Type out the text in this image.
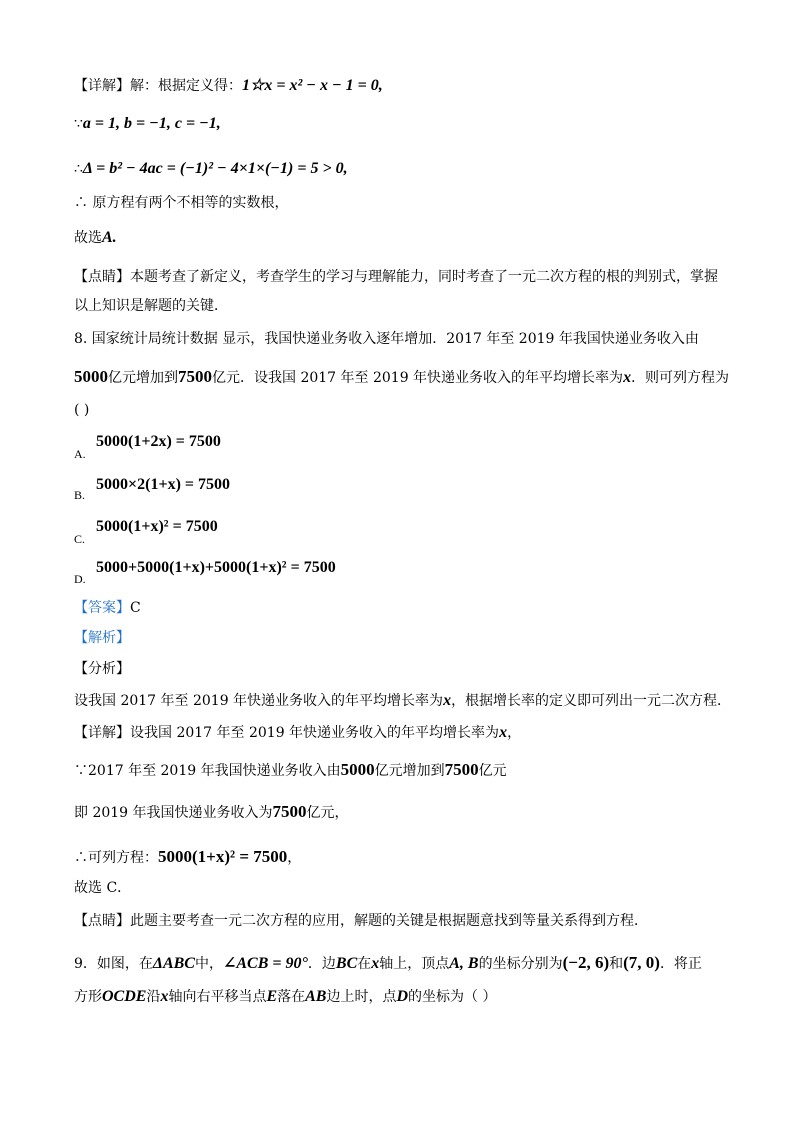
【详解】解：根据定义得：1☆x = x² − x − 1 = 0,
∵a = 1, b = −1, c = −1,
∴Δ = b² − 4ac = (−1)² − 4×1×(−1) = 5 > 0,
∴ 原方程有两个不相等的实数根，
故选A.
【点睛】本题考查了新定义，考查学生的学习与理解能力，同时考查了一元二次方程的根的判别式，掌握
以上知识是解题的关键．
8. 国家统计局统计数据 显示，我国快递业务收入逐年增加．2017 年至 2019 年我国快递业务收入由
5000亿元增加到7500亿元．设我国 2017 年至 2019 年快递业务收入的年平均增长率为x．则可列方程为
( )
A.
5000(1+2x) = 7500
B.
5000×2(1+x) = 7500
C.
5000(1+x)² = 7500
D.
5000+5000(1+x)+5000(1+x)² = 7500
【答案】C
【解析】
【分析】
设我国 2017 年至 2019 年快递业务收入的年平均增长率为x，根据增长率的定义即可列出一元二次方程．
【详解】设我国 2017 年至 2019 年快递业务收入的年平均增长率为x，
∵2017 年至 2019 年我国快递业务收入由5000亿元增加到7500亿元
即 2019 年我国快递业务收入为7500亿元，
∴可列方程：5000(1+x)² = 7500，
故选 C．
【点睛】此题主要考查一元二次方程的应用，解题的关键是根据题意找到等量关系得到方程．
9．如图，在ΔABC中，∠ACB = 90°．边BC在x轴上，顶点A, B的坐标分别为(−2, 6)和(7, 0)．将正
方形OCDE沿x轴向右平移当点E落在AB边上时，点D的坐标为（ ）
